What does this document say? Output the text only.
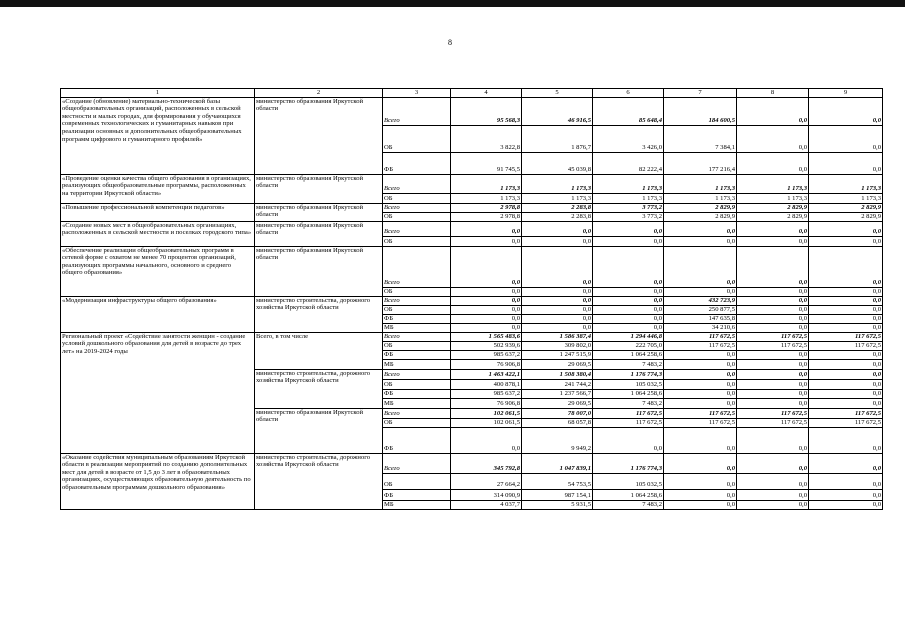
8
1	2	3	4	5	6	7	8	9
«Создание (обновление) материально-технической базы общеобразовательных организаций, расположенных в сельской местности и малых городах, для формирования у обучающихся современных технологических и гуманитарных навыков при реализации основных и дополнительных общеобразовательных программ цифрового и гуманитарного профилей»	министерство образования Иркутской области	Всего	95 568,3	46 916,5	85 648,4	184 600,5	0,0	0,0
		ОБ	3 822,8	1 876,7	3 426,0	7 384,1	0,0	0,0
		ФБ	91 745,5	45 039,8	82 222,4	177 216,4	0,0	0,0
«Проведение оценки качества общего образования в организациях, реализующих общеобразовательные программы, расположенных на территории Иркутской области»	министерство образования Иркутской области	Всего	1 173,3	1 173,3	1 173,3	1 173,3	1 173,3	1 173,3
		ОБ	1 173,3	1 173,3	1 173,3	1 173,3	1 173,3	1 173,3
«Повышение профессиональной компетенции педагогов»	министерство образования Иркутской области	Всего	2 978,8	2 283,8	3 773,2	2 829,9	2 829,9	2 829,9
		ОБ	2 978,8	2 283,8	3 773,2	2 829,9	2 829,9	2 829,9
«Создание новых мест в общеобразовательных организациях, расположенных в сельской местности и поселках городского типа»	министерство образования Иркутской области	Всего	0,0	0,0	0,0	0,0	0,0	0,0
		ОБ	0,0	0,0	0,0	0,0	0,0	0,0
«Обеспечение реализации общеобразовательных программ в сетевой форме с охватом не менее 70 процентов организаций, реализующих программы начального, основного и среднего общего образования»	министерство образования Иркутской области	Всего	0,0	0,0	0,0	0,0	0,0	0,0
		ОБ	0,0	0,0	0,0	0,0	0,0	0,0
«Модернизация инфраструктуры общего образования»	министерство строительства, дорожного хозяйства Иркутской области	Всего	0,0	0,0	0,0	432 723,9	0,0	0,0
		ОБ	0,0	0,0	0,0	250 877,5	0,0	0,0
		ФБ	0,0	0,0	0,0	147 635,8	0,0	0,0
		МБ	0,0	0,0	0,0	34 210,6	0,0	0,0
Региональный проект «Содействие занятости женщин - создание условий дошкольного образования для детей в возрасте до трех лет» на 2019-2024 годы	Всего, в том числе	Всего	1 565 483,6	1 586 387,4	1 294 446,8	117 672,5	117 672,5	117 672,5
		ОБ	502 939,6	309 802,0	222 705,0	117 672,5	117 672,5	117 672,5
		ФБ	985 637,2	1 247 515,9	1 064 258,6	0,0	0,0	0,0
		МБ	76 906,8	29 069,5	7 483,2	0,0	0,0	0,0
	министерство строительства, дорожного хозяйства Иркутской области	Всего	1 463 422,1	1 508 380,4	1 176 774,3	0,0	0,0	0,0
		ОБ	400 878,1	241 744,2	105 032,5	0,0	0,0	0,0
		ФБ	985 637,2	1 237 566,7	1 064 258,6	0,0	0,0	0,0
		МБ	76 906,8	29 069,5	7 483,2	0,0	0,0	0,0
	министерство образования Иркутской области	Всего	102 061,5	78 007,0	117 672,5	117 672,5	117 672,5	117 672,5
		ОБ	102 061,5	68 057,8	117 672,5	117 672,5	117 672,5	117 672,5
		ФБ	0,0	9 949,2	0,0	0,0	0,0	0,0
«Оказание содействия муниципальным образованиям Иркутской области в реализации мероприятий по созданию дополнительных мест для детей в возрасте от 1,5 до 3 лет в образовательных организациях, осуществляющих образовательную деятельность по образовательным программам дошкольного образования»	министерство строительства, дорожного хозяйства Иркутской области	Всего	345 792,8	1 047 839,1	1 176 774,3	0,0	0,0	0,0
		ОБ	27 664,2	54 753,5	105 032,5	0,0	0,0	0,0
		ФБ	314 090,9	987 154,1	1 064 258,6	0,0	0,0	0,0
		МБ	4 037,7	5 931,5	7 483,2	0,0	0,0	0,0
